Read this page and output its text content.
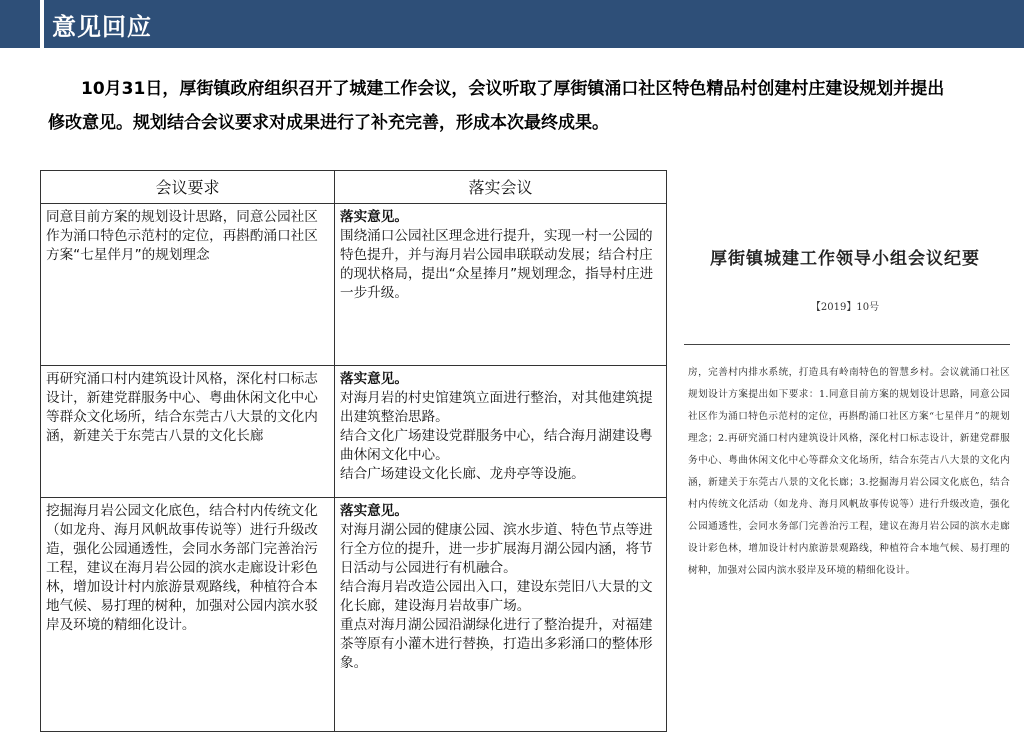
意见回应
10月31日，厚街镇政府组织召开了城建工作会议，会议听取了厚街镇涌口社区特色精品村创建村庄建设规划并提出修改意见。规划结合会议要求对成果进行了补充完善，形成本次最终成果。
会议要求	落实会议
同意目前方案的规划设计思路，同意公园社区作为涌口特色示范村的定位，再斟酌涌口社区方案“七星伴月”的规划理念	落实意见。
围绕涌口公园社区理念进行提升，实现一村一公园的特色提升，并与海月岩公园串联联动发展；结合村庄的现状格局，提出“众星捧月”规划理念，指导村庄进一步升级。

再研究涌口村内建筑设计风格，深化村口标志设计，新建党群服务中心、粤曲休闲文化中心等群众文化场所，结合东莞古八大景的文化内涵，新建关于东莞古八景的文化长廊	落实意见。
对海月岩的村史馆建筑立面进行整治，对其他建筑提出建筑整治思路。
结合文化广场建设党群服务中心，结合海月湖建设粤曲休闲文化中心。
结合广场建设文化长廊、龙舟亭等设施。

挖掘海月岩公园文化底色，结合村内传统文化（如龙舟、海月风帆故事传说等）进行升级改造，强化公园通透性，会同水务部门完善治污工程，建议在海月岩公园的滨水走廊设计彩色林，增加设计村内旅游景观路线，种植符合本地气候、易打理的树种，加强对公园内滨水驳岸及环境的精细化设计。	落实意见。
对海月湖公园的健康公园、滨水步道、特色节点等进行全方位的提升，进一步扩展海月湖公园内涵，将节日活动与公园进行有机融合。
结合海月岩改造公园出入口，建设东莞旧八大景的文化长廊，建设海月岩故事广场。
重点对海月湖公园沿湖绿化进行了整治提升，对福建茶等原有小灌木进行替换，打造出多彩涌口的整体形象。
厚街镇城建工作领导小组会议纪要
【2019】10号
房，完善村内排水系统，打造具有岭南特色的智慧乡村。会议就涌口社区规划设计方案提出如下要求：1.同意目前方案的规划设计思路，同意公园社区作为涌口特色示范村的定位，再斟酌涌口社区方案“七星伴月”的规划理念；2.再研究涌口村内建筑设计风格，深化村口标志设计，新建党群服务中心、粤曲休闲文化中心等群众文化场所，结合东莞古八大景的文化内涵，新建关于东莞古八景的文化长廊；3.挖掘海月岩公园文化底色，结合村内传统文化活动（如龙舟、海月风帆故事传说等）进行升级改造，强化公园通透性，会同水务部门完善治污工程，建议在海月岩公园的滨水走廊设计彩色林，增加设计村内旅游景观路线，种植符合本地气候、易打理的树种，加强对公园内滨水驳岸及环境的精细化设计。
